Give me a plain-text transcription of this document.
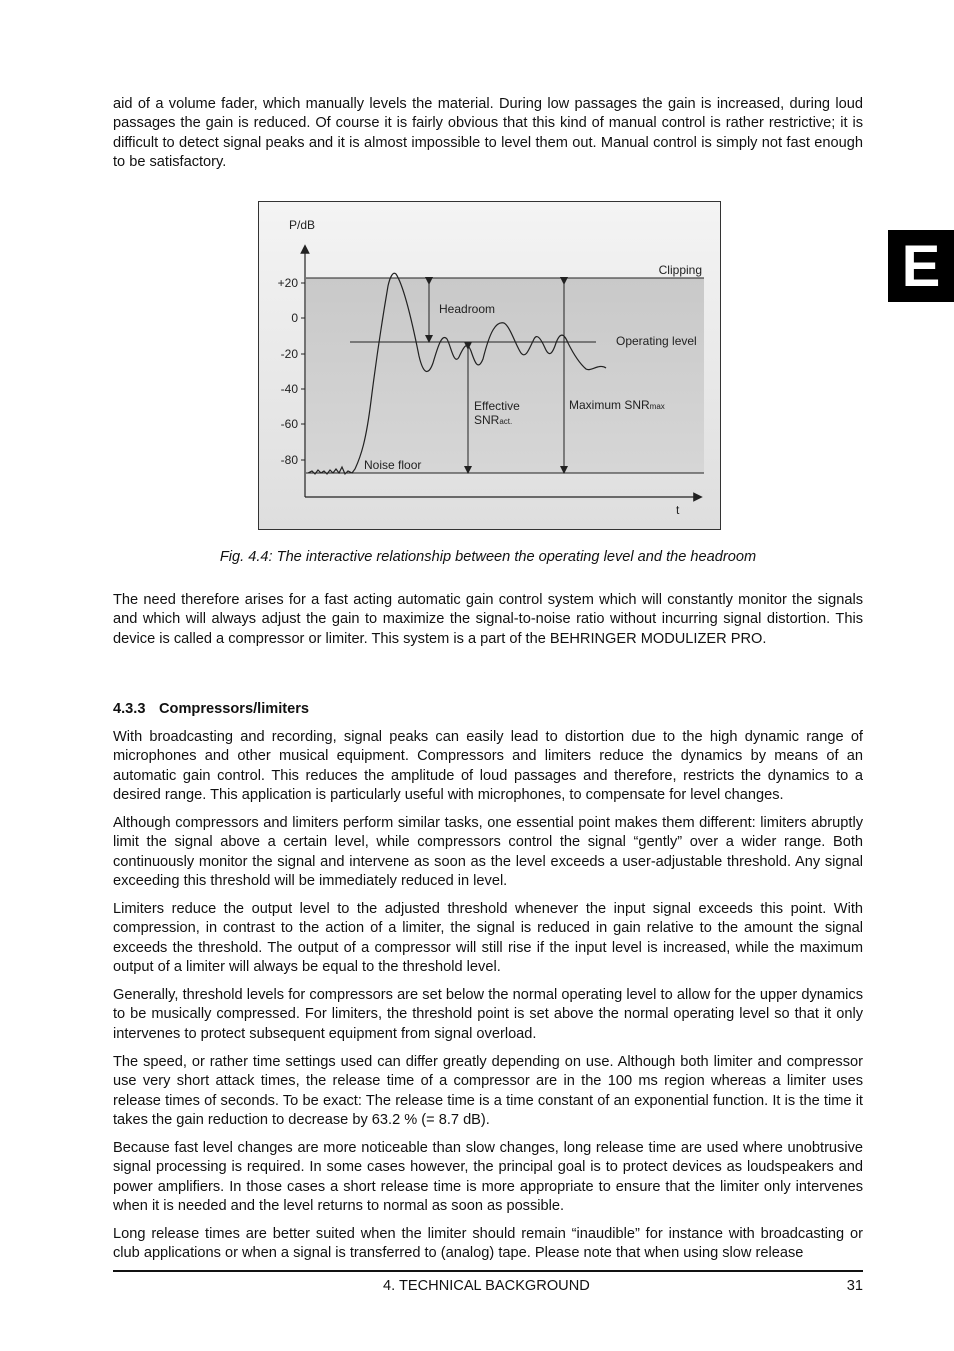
E

aid of a volume fader, which manually levels the material. During low passages the gain is increased, during loud passages the gain is reduced. Of course it is fairly obvious that this kind of manual control is rather restrictive; it is difficult to detect signal peaks and it is almost impossible to level them out. Manual control is simply not fast enough to be satisfactory.

P/dB
t
+20
0
-20
-40
-60
-80
Clipping
Headroom
Operating level
Effective
SNRact.
Maximum SNRmax
Noise floor
Fig. 4.4: The interactive relationship between the operating level and the headroom

The need therefore arises for a fast acting automatic gain control system which will constantly monitor the signals and which will always adjust the gain to maximize the signal-to-noise ratio without incurring signal distortion. This device is called a compressor or limiter. This system is a part of the BEHRINGER MODULIZER PRO.

4.3.3 Compressors/limiters

With broadcasting and recording, signal peaks can easily lead to distortion due to the high dynamic range of microphones and other musical equipment. Compressors and limiters reduce the dynamics by means of an automatic gain control. This reduces the amplitude of loud passages and therefore, restricts the dynamics to a desired range. This application is particularly useful with microphones, to compensate for level changes.

Although compressors and limiters perform similar tasks, one essential point makes them different: limiters abruptly limit the signal above a certain level, while compressors control the signal “gently” over a wider range. Both continuously monitor the signal and intervene as soon as the level exceeds a user-adjustable threshold. Any signal exceeding this threshold will be immediately reduced in level.

Limiters reduce the output level to the adjusted threshold whenever the input signal exceeds this point. With compression, in contrast to the action of a limiter, the signal is reduced in gain relative to the amount the signal exceeds the threshold. The output of a compressor will still rise if the input level is increased, while the maximum output of a limiter will always be equal to the threshold level.

Generally, threshold levels for compressors are set below the normal operating level to allow for the upper dynamics to be musically compressed. For limiters, the threshold point is set above the normal operating level so that it only intervenes to protect subsequent equipment from signal overload.

The speed, or rather time settings used can differ greatly depending on use. Although both limiter and compressor use very short attack times, the release time of a compressor are in the 100 ms region whereas a limiter uses release times of seconds. To be exact: The release time is a time constant of an exponential function. It is the time it takes the gain reduction to decrease by 63.2 % (= 8.7 dB).

Because fast level changes are more noticeable than slow changes, long release time are used where unobtrusive signal processing is required. In some cases however, the principal goal is to protect devices as loudspeakers and power amplifiers. In those cases a short release time is more appropriate to ensure that the limiter only intervenes when it is needed and the level returns to normal as soon as possible.

Long release times are better suited when the limiter should remain “inaudible” for instance with broadcasting or club applications or when a signal is transferred to (analog) tape. Please note that when using slow release

4. TECHNICAL BACKGROUND	31
